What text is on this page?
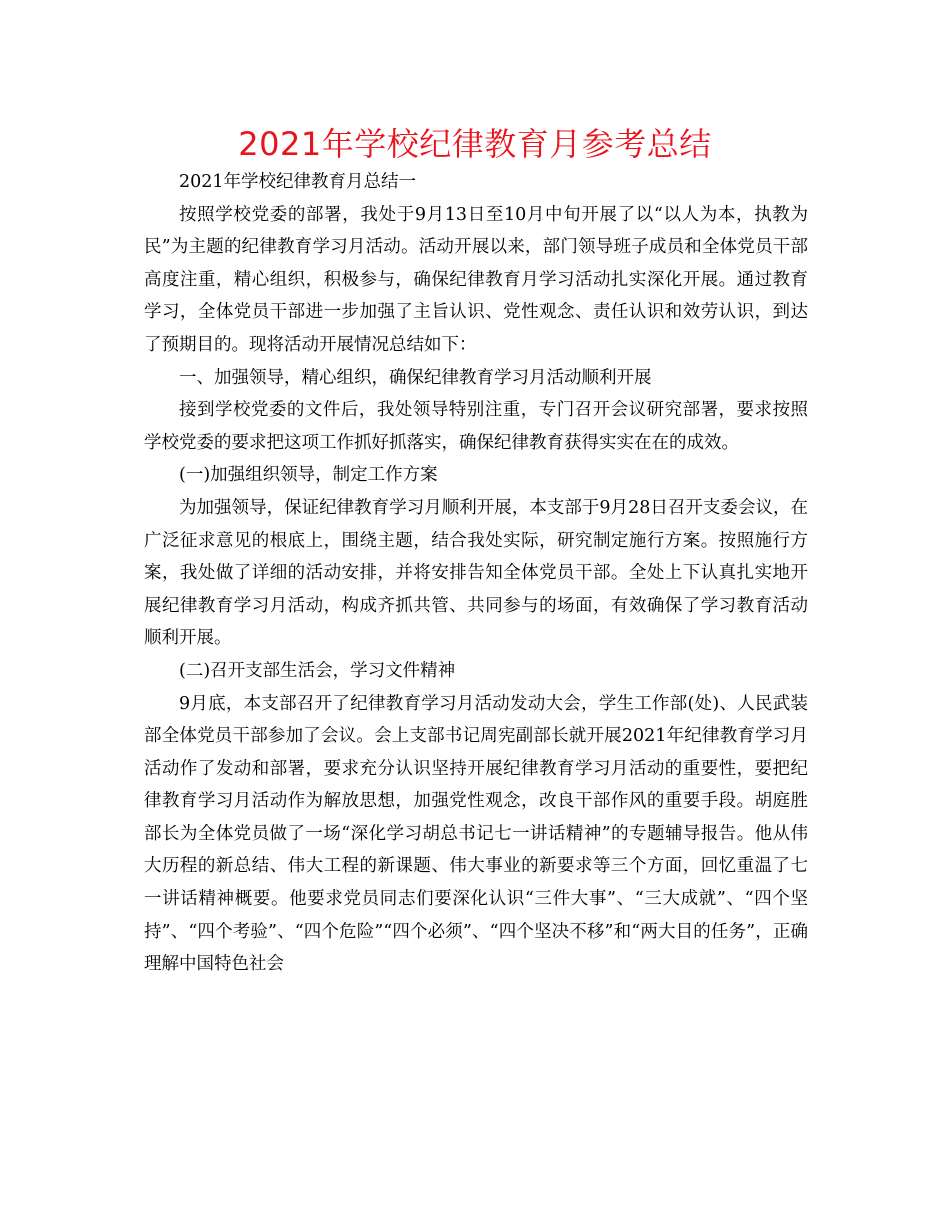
2021年学校纪律教育月参考总结

2021年学校纪律教育月总结一

按照学校党委的部署，我处于9月13日至10月中旬开展了以“以人为本，执教为民”为主题的纪律教育学习月活动。活动开展以来，部门领导班子成员和全体党员干部高度注重，精心组织，积极参与，确保纪律教育月学习活动扎实深化开展。通过教育学习，全体党员干部进一步加强了主旨认识、党性观念、责任认识和效劳认识，到达了预期目的。现将活动开展情况总结如下：

一、加强领导，精心组织，确保纪律教育学习月活动顺利开展

接到学校党委的文件后，我处领导特别注重，专门召开会议研究部署，要求按照学校党委的要求把这项工作抓好抓落实，确保纪律教育获得实实在在的成效。

(一)加强组织领导，制定工作方案

为加强领导，保证纪律教育学习月顺利开展，本支部于9月28日召开支委会议，在广泛征求意见的根底上，围绕主题，结合我处实际，研究制定施行方案。按照施行方案，我处做了详细的活动安排，并将安排告知全体党员干部。全处上下认真扎实地开展纪律教育学习月活动，构成齐抓共管、共同参与的场面，有效确保了学习教育活动顺利开展。

(二)召开支部生活会，学习文件精神

9月底，本支部召开了纪律教育学习月活动发动大会，学生工作部(处)、人民武装部全体党员干部参加了会议。会上支部书记周宪副部长就开展2021年纪律教育学习月活动作了发动和部署，要求充分认识坚持开展纪律教育学习月活动的重要性，要把纪律教育学习月活动作为解放思想，加强党性观念，改良干部作风的重要手段。胡庭胜部长为全体党员做了一场“深化学习胡总书记七一讲话精神”的专题辅导报告。他从伟大历程的新总结、伟大工程的新课题、伟大事业的新要求等三个方面，回忆重温了七一讲话精神概要。他要求党员同志们要深化认识“三件大事”、“三大成就”、“四个坚持”、“四个考验”、“四个危险”“四个必须”、“四个坚决不移”和“两大目的任务”，正确理解中国特色社会
